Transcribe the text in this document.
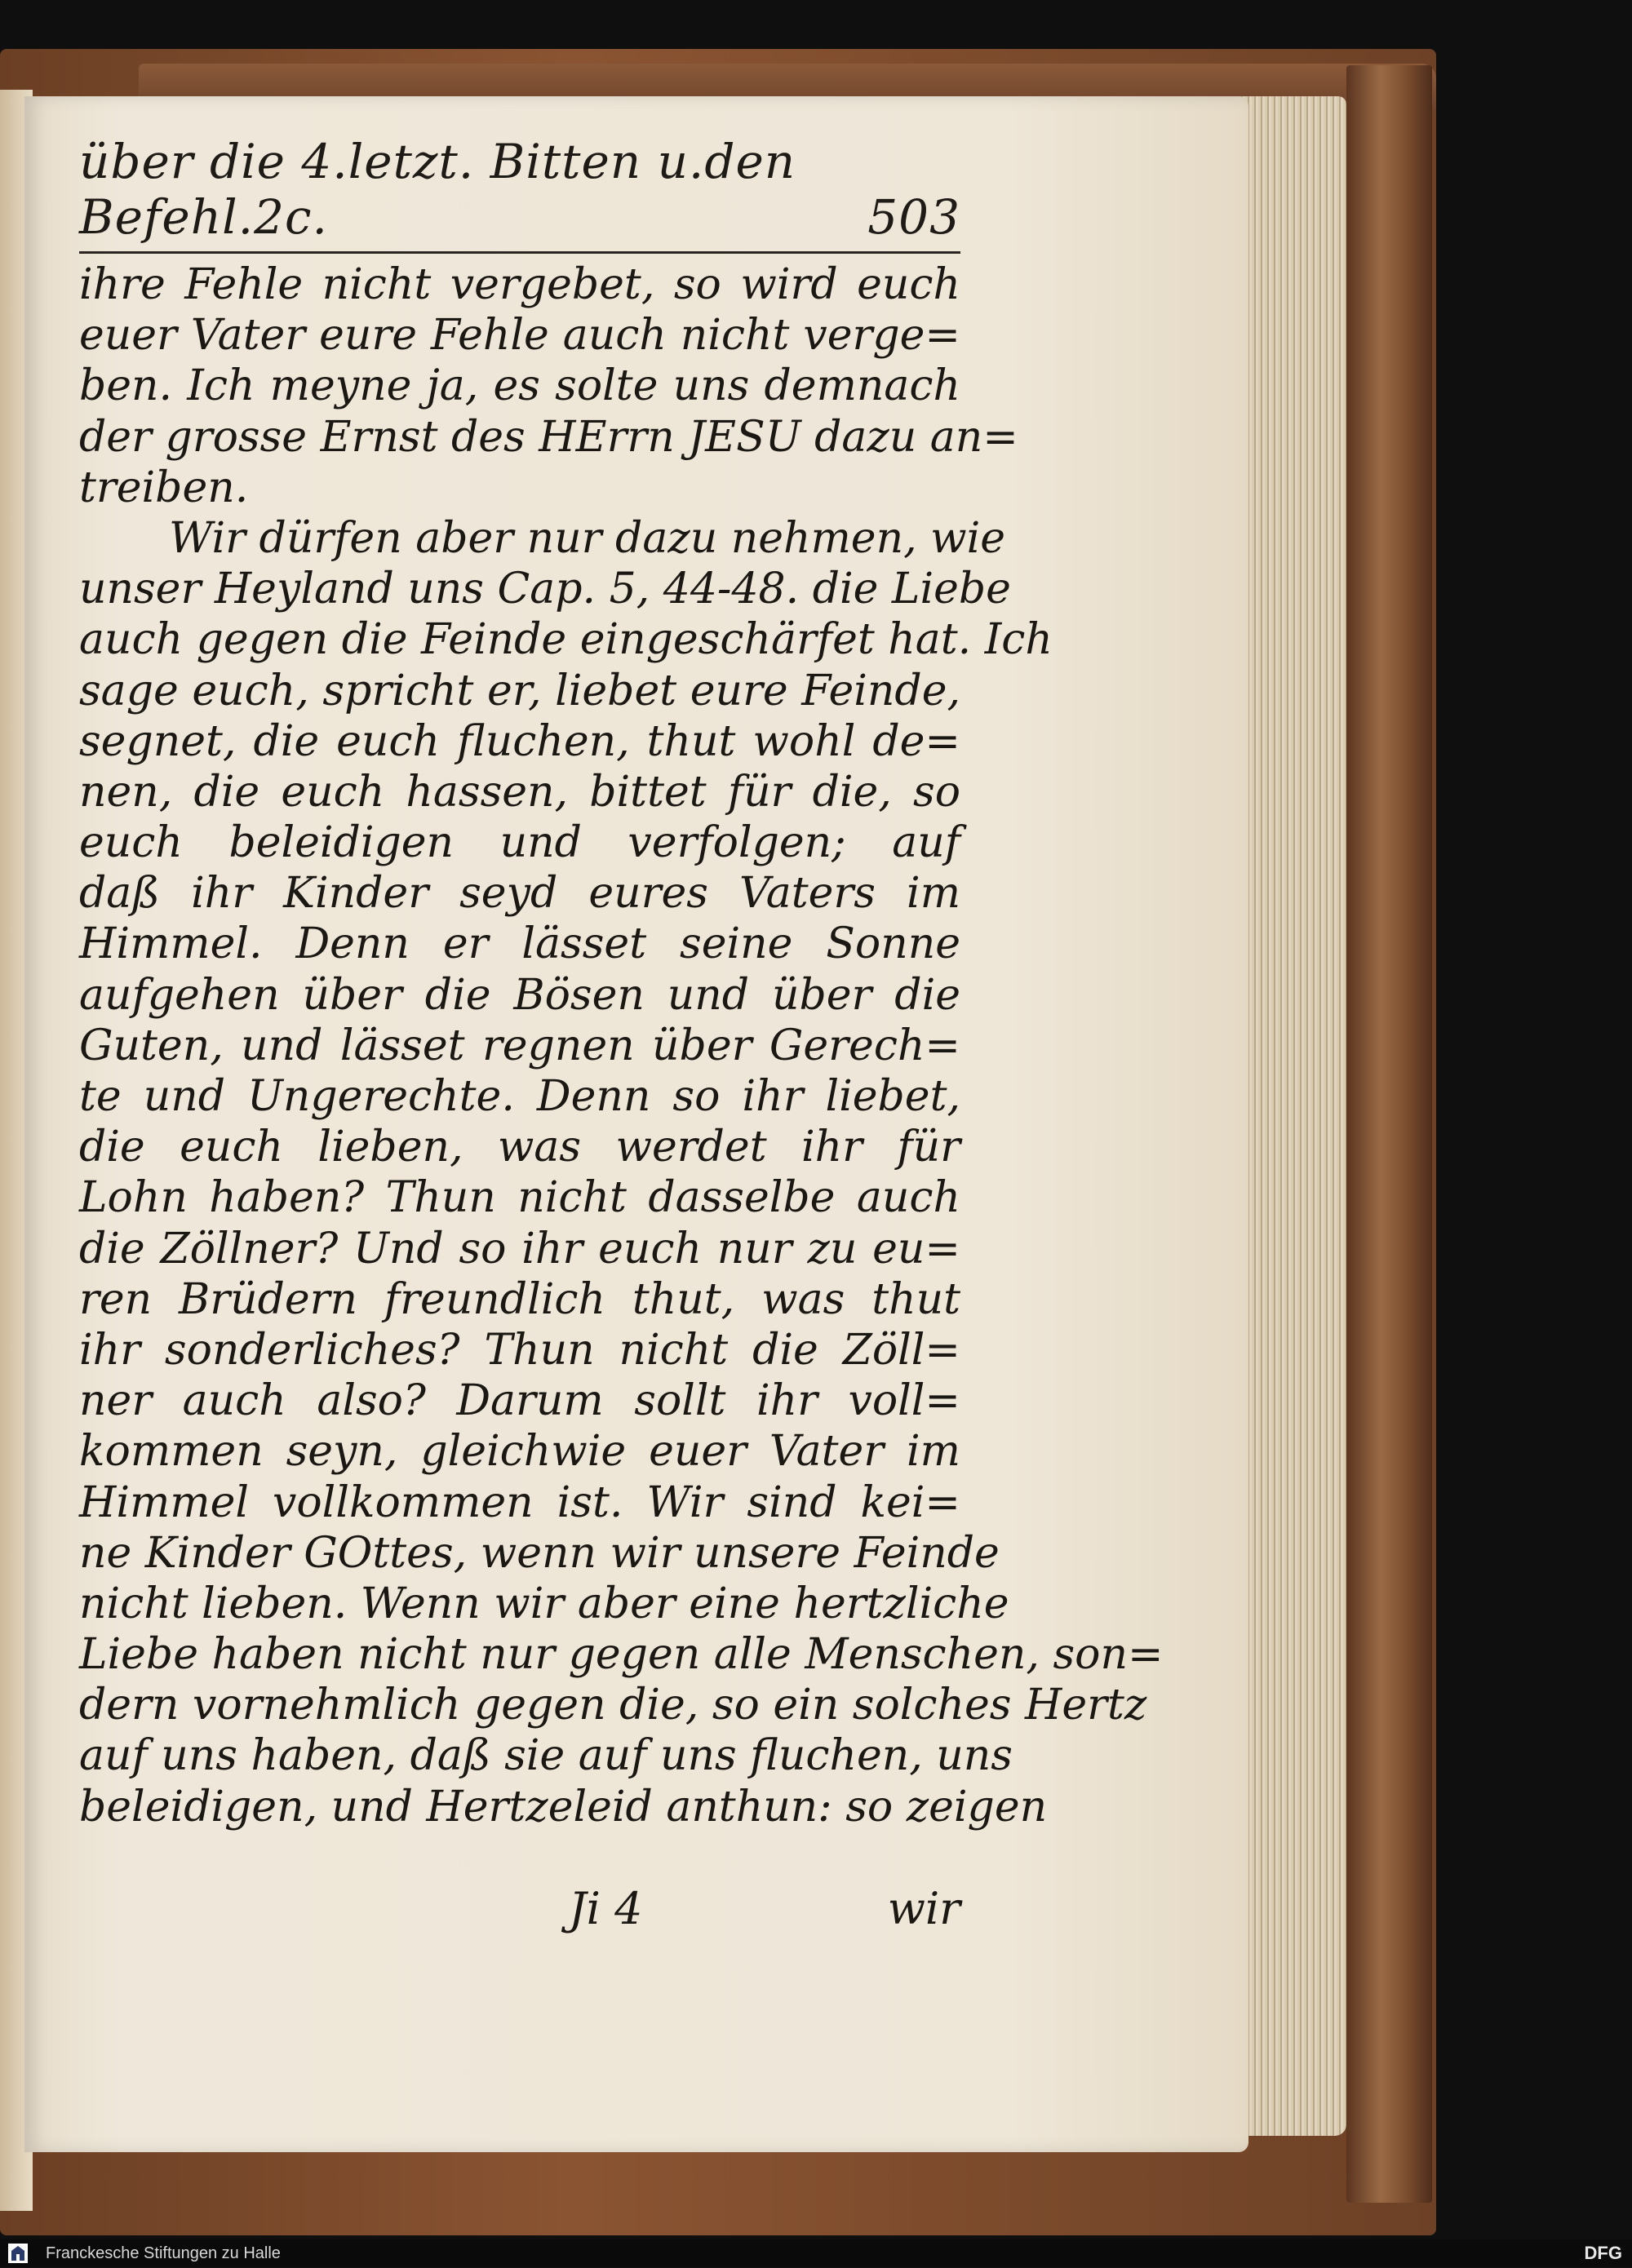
über die 4.letzt. Bitten u.den Befehl.2c.	503
ihre Fehle nicht vergebet, so wird euch
euer Vater eure Fehle auch nicht verge=
ben. Ich meyne ja, es solte uns demnach
der grosse Ernst des HErrn JESU dazu an=
treiben.
Wir dürfen aber nur dazu nehmen, wie
unser Heyland uns Cap. 5, 44-48. die Liebe
auch gegen die Feinde eingeschärfet hat. Ich
sage euch, spricht er, liebet eure Feinde,
segnet, die euch fluchen, thut wohl de=
nen, die euch hassen, bittet für die, so
euch beleidigen und verfolgen; auf
daß ihr Kinder seyd eures Vaters im
Himmel. Denn er lässet seine Sonne
aufgehen über die Bösen und über die
Guten, und lässet regnen über Gerech=
te und Ungerechte. Denn so ihr liebet,
die euch lieben, was werdet ihr für
Lohn haben? Thun nicht dasselbe auch
die Zöllner? Und so ihr euch nur zu eu=
ren Brüdern freundlich thut, was thut
ihr sonderliches? Thun nicht die Zöll=
ner auch also? Darum sollt ihr voll=
kommen seyn, gleichwie euer Vater im
Himmel vollkommen ist. Wir sind kei=
ne Kinder GOttes, wenn wir unsere Feinde
nicht lieben. Wenn wir aber eine hertzliche
Liebe haben nicht nur gegen alle Menschen, son=
dern vornehmlich gegen die, so ein solches Hertz
auf uns haben, daß sie auf uns fluchen, uns
beleidigen, und Hertzeleid anthun: so zeigen
Ji 4	wir
Franckesche Stiftungen zu Halle	DFG
